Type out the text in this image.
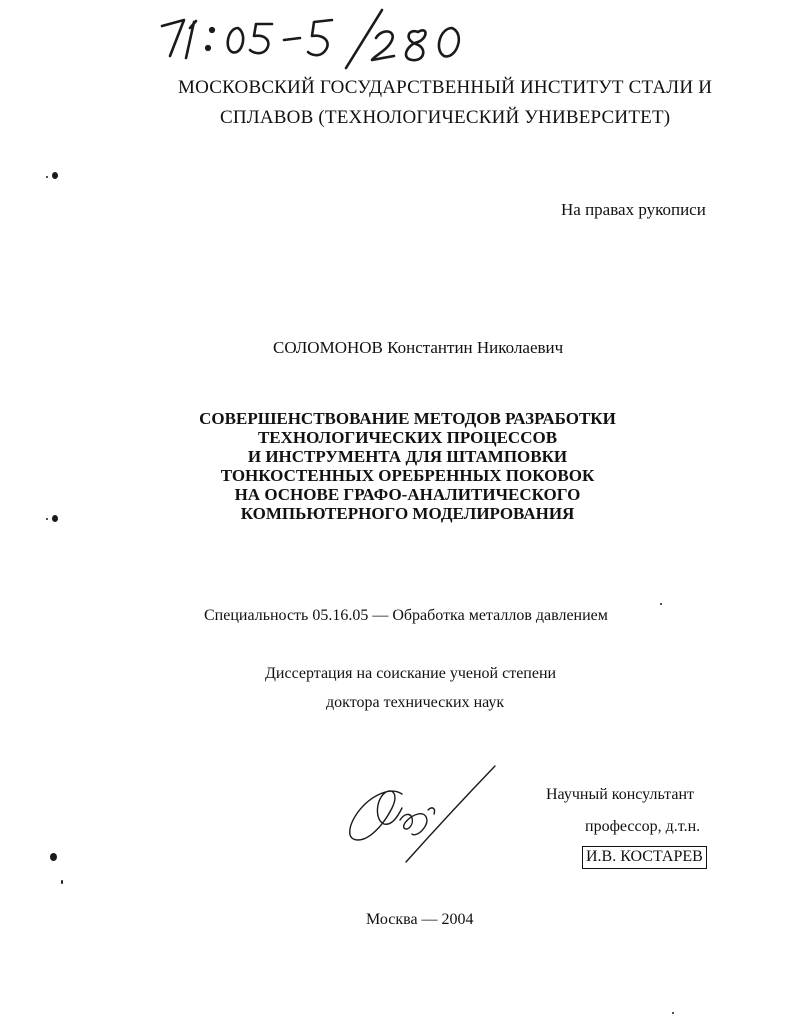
МОСКОВСКИЙ ГОСУДАРСТВЕННЫЙ ИНСТИТУТ СТАЛИ И
СПЛАВОВ (ТЕХНОЛОГИЧЕСКИЙ УНИВЕРСИТЕТ)
На правах рукописи
СОЛОМОНОВ Константин Николаевич
СОВЕРШЕНСТВОВАНИЕ МЕТОДОВ РАЗРАБОТКИ
ТЕХНОЛОГИЧЕСКИХ ПРОЦЕССОВ
И ИНСТРУМЕНТА ДЛЯ ШТАМПОВКИ
ТОНКОСТЕННЫХ ОРЕБРЕННЫХ ПОКОВОК
НА ОСНОВЕ ГРАФО-АНАЛИТИЧЕСКОГО
КОМПЬЮТЕРНОГО МОДЕЛИРОВАНИЯ
Специальность 05.16.05 — Обработка металлов давлением
Диссертация на соискание ученой степени
доктора технических наук
Научный консультант
профессор, д.т.н.
И.В. КОСТАРЕВ
Москва — 2004
